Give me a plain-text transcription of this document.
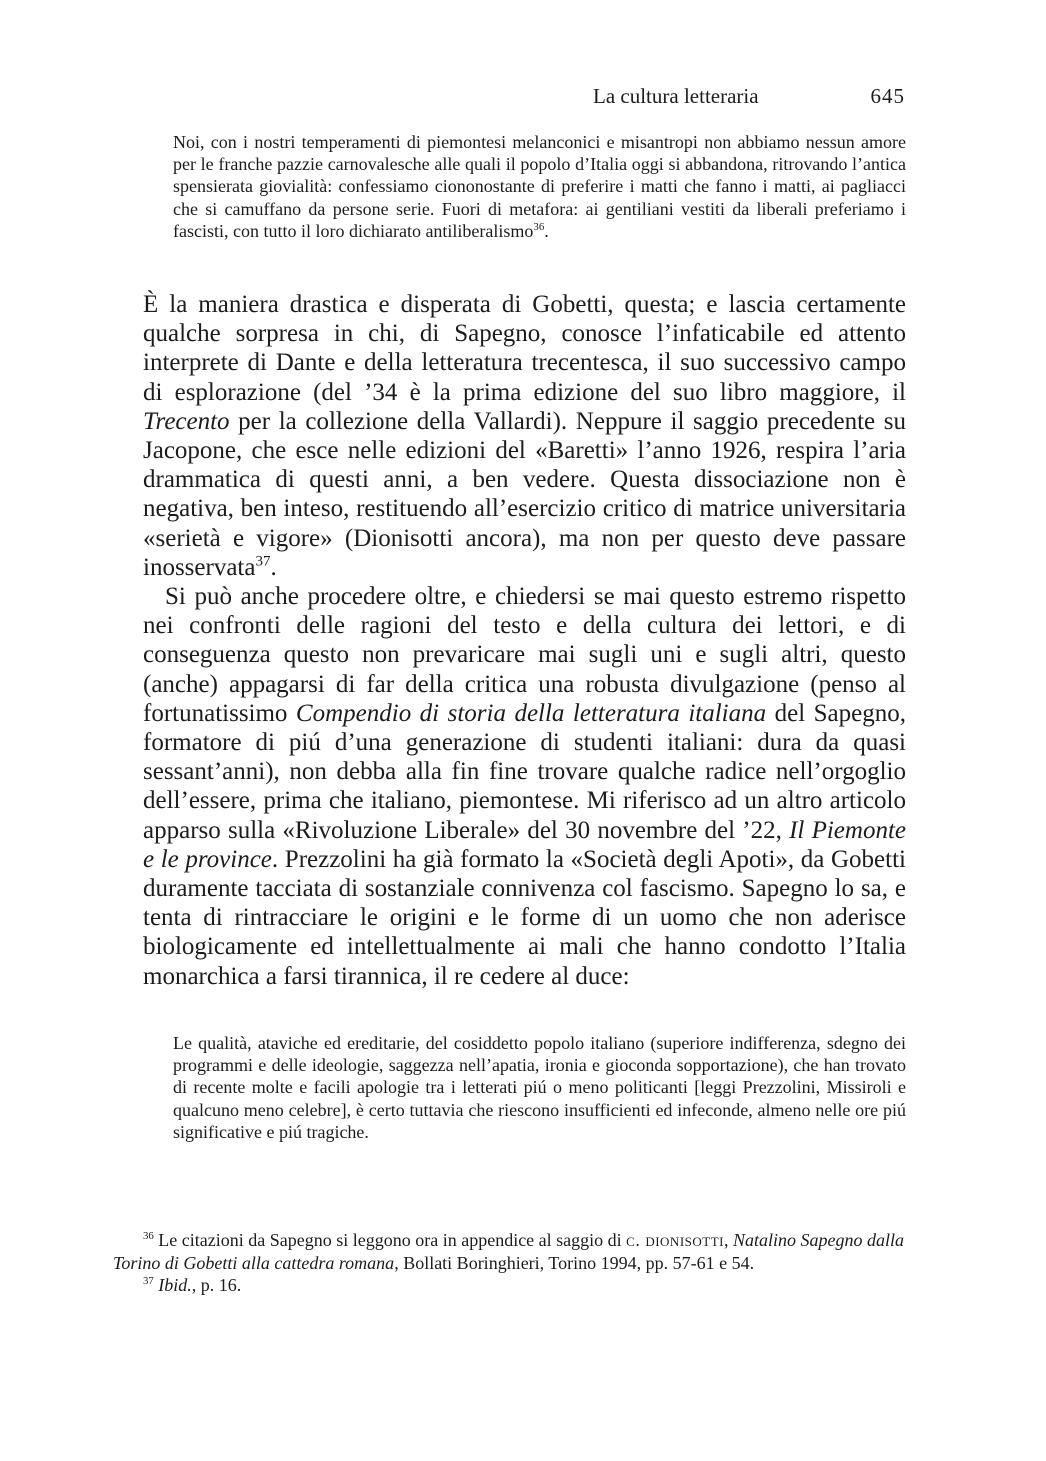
La cultura letteraria	645

Noi, con i nostri temperamenti di piemontesi melanconici e misantropi non abbiamo nessun amore per le franche pazzie carnovalesche alle quali il popolo d’Italia oggi si abbandona, ritrovando l’antica spensierata giovialità: confessiamo ciononostante di preferire i matti che fanno i matti, ai pagliacci che si camuffano da persone serie. Fuori di metafora: ai gentiliani vestiti da liberali preferiamo i fascisti, con tutto il loro dichiarato antiliberalismo$^{36}$.

È la maniera drastica e disperata di Gobetti, questa; e lascia certamente qualche sorpresa in chi, di Sapegno, conosce l’infaticabile ed attento interprete di Dante e della letteratura trecentesca, il suo successivo campo di esplorazione (del ’34 è la prima edizione del suo libro maggiore, il Trecento per la collezione della Vallardi). Neppure il saggio precedente su Jacopone, che esce nelle edizioni del «Baretti» l’anno 1926, respira l’aria drammatica di questi anni, a ben vedere. Questa dissociazione non è negativa, ben inteso, restituendo all’esercizio critico di matrice universitaria «serietà e vigore» (Dionisotti ancora), ma non per questo deve passare inosservata$^{37}$.

Si può anche procedere oltre, e chiedersi se mai questo estremo rispetto nei confronti delle ragioni del testo e della cultura dei lettori, e di conseguenza questo non prevaricare mai sugli uni e sugli altri, questo (anche) appagarsi di far della critica una robusta divulgazione (penso al fortunatissimo Compendio di storia della letteratura italiana del Sapegno, formatore di piú d’una generazione di studenti italiani: dura da quasi sessant’anni), non debba alla fin fine trovare qualche radice nell’orgoglio dell’essere, prima che italiano, piemontese. Mi riferisco ad un altro articolo apparso sulla «Rivoluzione Liberale» del 30 novembre del ’22, Il Piemonte e le province. Prezzolini ha già formato la «Società degli Apoti», da Gobetti duramente tacciata di sostanziale connivenza col fascismo. Sapegno lo sa, e tenta di rintracciare le origini e le forme di un uomo che non aderisce biologicamente ed intellettualmente ai mali che hanno condotto l’Italia monarchica a farsi tirannica, il re cedere al duce:

Le qualità, ataviche ed ereditarie, del cosiddetto popolo italiano (superiore indifferenza, sdegno dei programmi e delle ideologie, saggezza nell’apatia, ironia e gioconda sopportazione), che han trovato di recente molte e facili apologie tra i letterati piú o meno politicanti [leggi Prezzolini, Missiroli e qualcuno meno celebre], è certo tuttavia che riescono insufficienti ed infeconde, almeno nelle ore piú significative e piú tragiche.

$^{36}$ Le citazioni da Sapegno si leggono ora in appendice al saggio di c. dionisotti, Natalino Sapegno dalla Torino di Gobetti alla cattedra romana, Bollati Boringhieri, Torino 1994, pp. 57-61 e 54.

$^{37}$ Ibid., p. 16.
